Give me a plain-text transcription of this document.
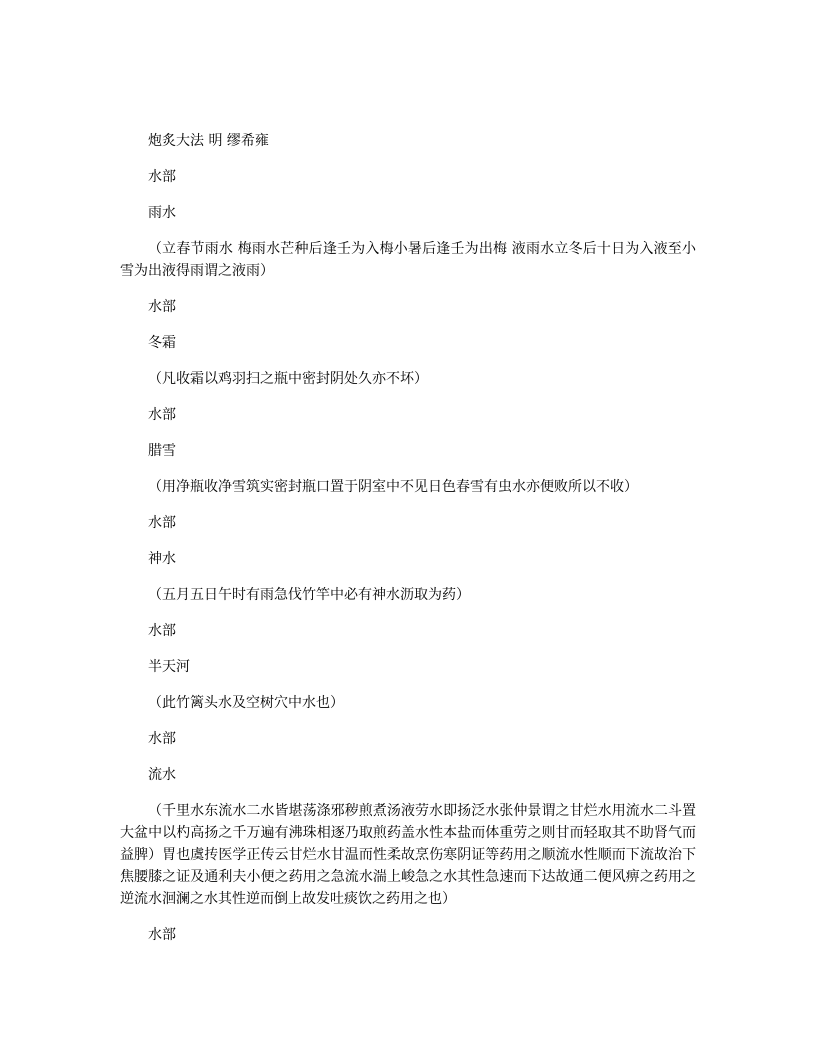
炮炙大法 明 缪希雍

水部

雨水

（立春节雨水 梅雨水芒种后逢壬为入梅小暑后逢壬为出梅 液雨水立冬后十日为入液至小雪为出液得雨谓之液雨）

水部

冬霜

（凡收霜以鸡羽扫之瓶中密封阴处久亦不坏）

水部

腊雪

（用净瓶收净雪筑实密封瓶口置于阴室中不见日色春雪有虫水亦便败所以不收）

水部

神水

（五月五日午时有雨急伐竹竿中必有神水沥取为药）

水部

半天河

（此竹篱头水及空树穴中水也）

水部

流水

（千里水东流水二水皆堪荡涤邪秽煎煮汤液劳水即扬泛水张仲景谓之甘烂水用流水二斗置大盆中以杓高扬之千万遍有沸珠相逐乃取煎药盖水性本盐而体重劳之则甘而轻取其不助肾气而益脾）胃也虞抟医学正传云甘烂水甘温而性柔故烹伤寒阴证等药用之顺流水性顺而下流故治下焦腰膝之证及通利夫小便之药用之急流水湍上峻急之水其性急速而下达故通二便风痹之药用之逆流水洄澜之水其性逆而倒上故发吐痰饮之药用之也）

水部
